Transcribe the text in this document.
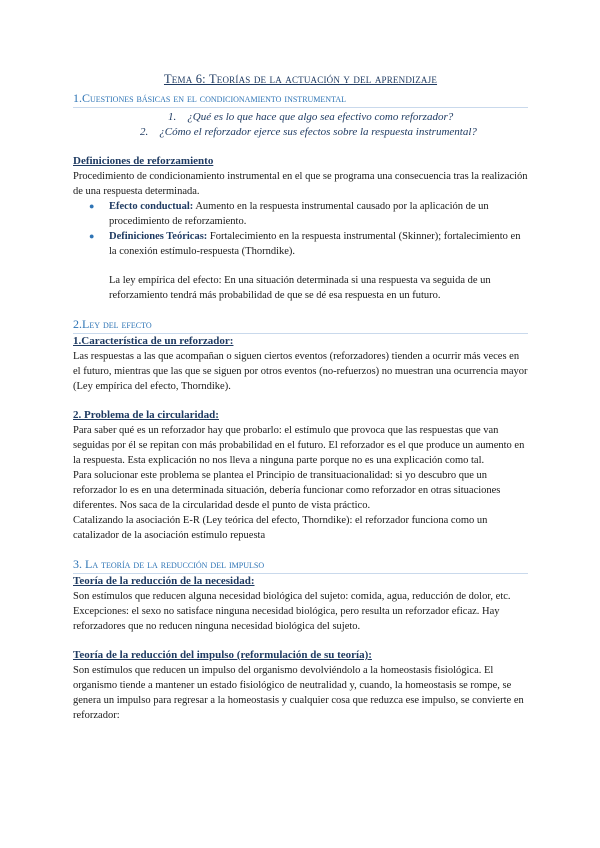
Tema 6: Teorías de la actuación y del aprendizaje
1.Cuestiones básicas en el condicionamiento instrumental
1. ¿Qué es lo que hace que algo sea efectivo como reforzador?
2. ¿Cómo el reforzador ejerce sus efectos sobre la respuesta instrumental?
Definiciones de reforzamiento

Procedimiento de condicionamiento instrumental en el que se programa una consecuencia tras la realización de una respuesta determinada.

● Efecto conductual: Aumento en la respuesta instrumental causado por la aplicación de un procedimiento de reforzamiento.
● Definiciones Teóricas: Fortalecimiento en la respuesta instrumental (Skinner); fortalecimiento en la conexión estímulo-respuesta (Thorndike).

La ley empírica del efecto: En una situación determinada si una respuesta va seguida de un reforzamiento tendrá más probabilidad de que se dé esa respuesta en un futuro.

2.Ley del efecto
1.Característica de un reforzador:

Las respuestas a las que acompañan o siguen ciertos eventos (reforzadores) tienden a ocurrir más veces en el futuro, mientras que las que se siguen por otros eventos (no-refuerzos) no muestran una ocurrencia mayor (Ley empírica del efecto, Thorndike).

2. Problema de la circularidad:

Para saber qué es un reforzador hay que probarlo: el estímulo que provoca que las respuestas que van seguidas por él se repitan con más probabilidad en el futuro. El reforzador es el que produce un aumento en la respuesta. Esta explicación no nos lleva a ninguna parte porque no es una explicación como tal.

Para solucionar este problema se plantea el Principio de transituacionalidad: si yo descubro que un reforzador lo es en una determinada situación, debería funcionar como reforzador en otras situaciones diferentes. Nos saca de la circularidad desde el punto de vista práctico.

Catalizando la asociación E-R (Ley teórica del efecto, Thorndike): el reforzador funciona como un catalizador de la asociación estímulo repuesta

3. La teoría de la reducción del impulso
Teoría de la reducción de la necesidad:

Son estímulos que reducen alguna necesidad biológica del sujeto: comida, agua, reducción de dolor, etc.

Excepciones: el sexo no satisface ninguna necesidad biológica, pero resulta un reforzador eficaz. Hay reforzadores que no reducen ninguna necesidad biológica del sujeto.

Teoría de la reducción del impulso (reformulación de su teoría):

Son estímulos que reducen un impulso del organismo devolviéndolo a la homeostasis fisiológica. El organismo tiende a mantener un estado fisiológico de neutralidad y, cuando, la homeostasis se rompe, se genera un impulso para regresar a la homeostasis y cualquier cosa que reduzca ese impulso, se convierte en reforzador:
